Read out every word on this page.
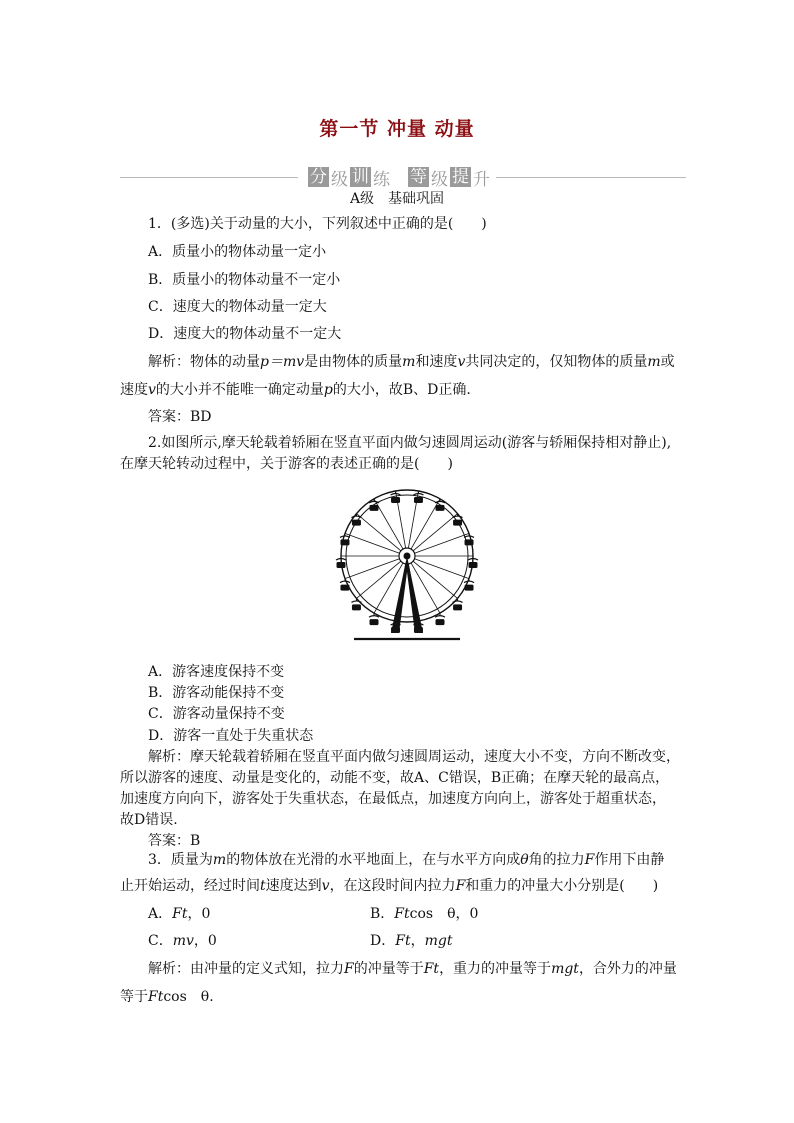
第一节 冲量 动量
分 级 训 练 等 级 提 升
A级　基础巩固
1．(多选)关于动量的大小，下列叙述中正确的是(　　)
A．质量小的物体动量一定小
B．质量小的物体动量不一定小
C．速度大的物体动量一定大
D．速度大的物体动量不一定大
解析：物体的动量p＝mv是由物体的质量m和速度v共同决定的，仅知物体的质量m或
速度v的大小并不能唯一确定动量p的大小，故B、D正确.
答案：BD
2.如图所示,摩天轮载着轿厢在竖直平面内做匀速圆周运动(游客与轿厢保持相对静止),
在摩天轮转动过程中，关于游客的表述正确的是(　　)
A．游客速度保持不变
B．游客动能保持不变
C．游客动量保持不变
D．游客一直处于失重状态
解析：摩天轮载着轿厢在竖直平面内做匀速圆周运动，速度大小不变，方向不断改变，
所以游客的速度、动量是变化的，动能不变，故A、C错误，B正确；在摩天轮的最高点，
加速度方向向下，游客处于失重状态，在最低点，加速度方向向上，游客处于超重状态，
故D错误.
答案：B
3．质量为m的物体放在光滑的水平地面上，在与水平方向成θ角的拉力F作用下由静
止开始运动，经过时间t速度达到v，在这段时间内拉力F和重力的冲量大小分别是(　　)
A．Ft，0	B．Ftcos　θ，0
C．mv，0	D．Ft，mgt
解析：由冲量的定义式知，拉力F的冲量等于Ft，重力的冲量等于mgt，合外力的冲量
等于Ftcos　θ.
